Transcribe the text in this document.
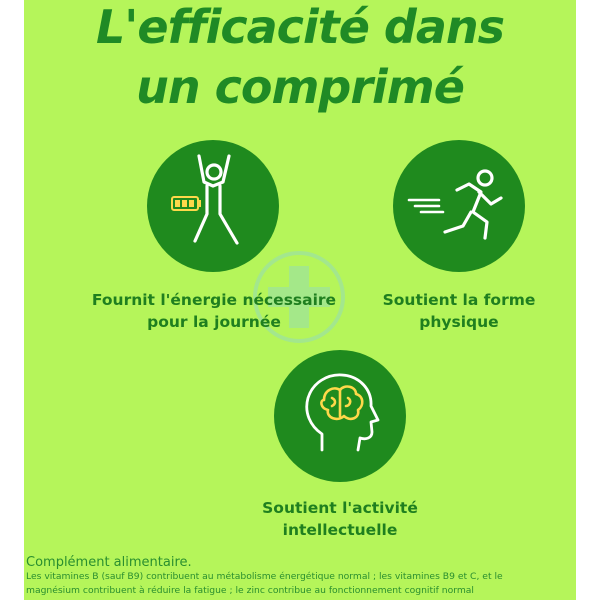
L'efficacité dans
un comprimé
Fournit l'énergie nécessaire
pour la journée
Soutient la forme
physique
Soutient l'activité
intellectuelle
Complément alimentaire.
Les vitamines B (sauf B9) contribuent au métabolisme énergétique normal ; les vitamines B9 et C, et le
magnésium contribuent à réduire la fatigue ; le zinc contribue au fonctionnement cognitif normal
